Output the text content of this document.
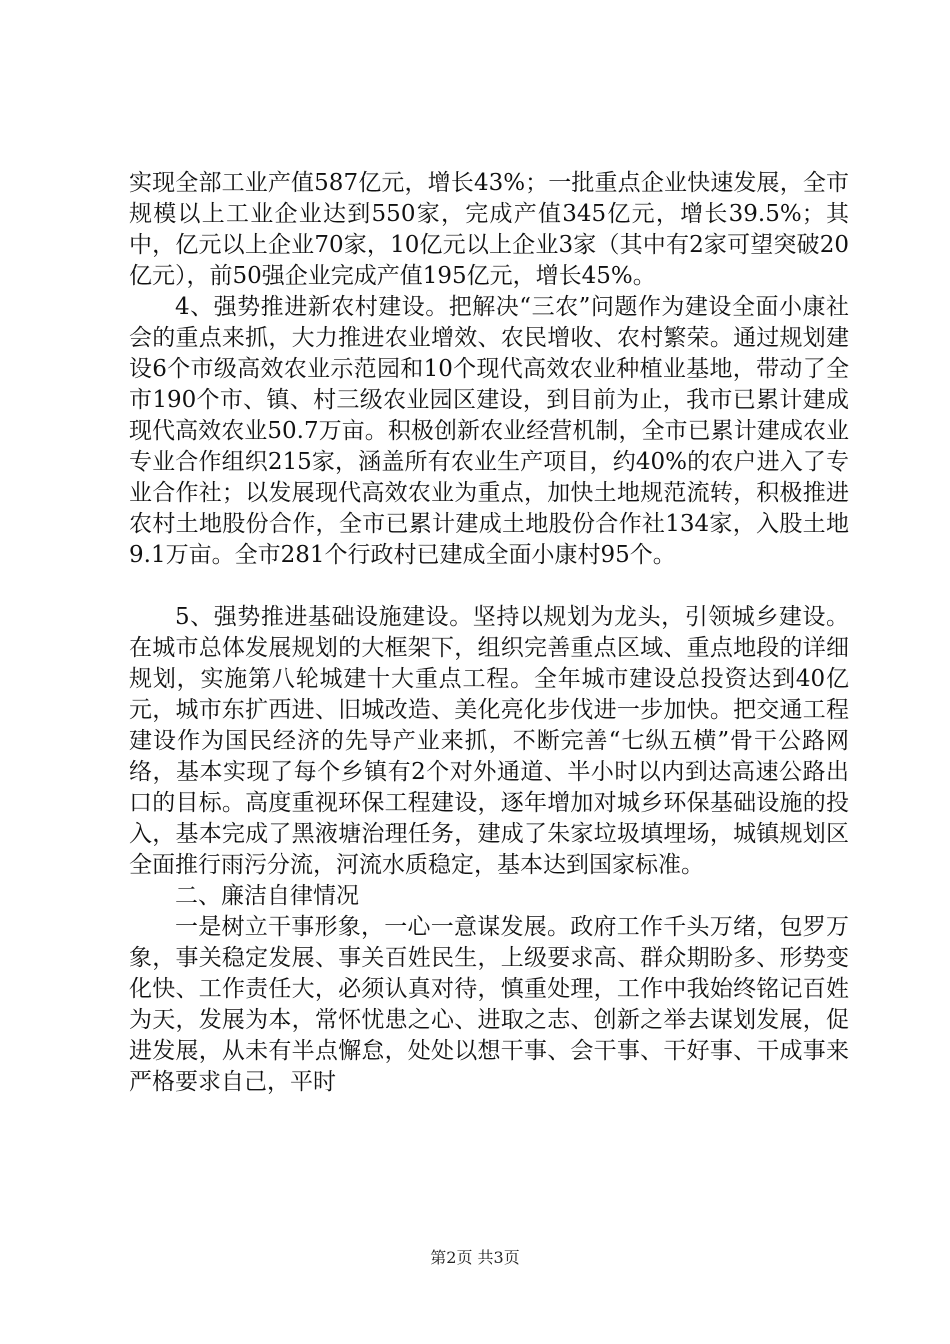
实现全部工业产值587亿元，增长43%；一批重点企业快速发展，全市规模以上工业企业达到550家，完成产值345亿元，增长39.5%；其中，亿元以上企业70家，10亿元以上企业3家（其中有2家可望突破20亿元），前50强企业完成产值195亿元，增长45%。

4、强势推进新农村建设。把解决“三农”问题作为建设全面小康社会的重点来抓，大力推进农业增效、农民增收、农村繁荣。通过规划建设6个市级高效农业示范园和10个现代高效农业种植业基地，带动了全市190个市、镇、村三级农业园区建设，到目前为止，我市已累计建成现代高效农业50.7万亩。积极创新农业经营机制，全市已累计建成农业专业合作组织215家，涵盖所有农业生产项目，约40%的农户进入了专业合作社；以发展现代高效农业为重点，加快土地规范流转，积极推进农村土地股份合作，全市已累计建成土地股份合作社134家，入股土地9.1万亩。全市281个行政村已建成全面小康村95个。

5、强势推进基础设施建设。坚持以规划为龙头，引领城乡建设。在城市总体发展规划的大框架下，组织完善重点区域、重点地段的详细规划，实施第八轮城建十大重点工程。全年城市建设总投资达到40亿元，城市东扩西进、旧城改造、美化亮化步伐进一步加快。把交通工程建设作为国民经济的先导产业来抓，不断完善“七纵五横”骨干公路网络，基本实现了每个乡镇有2个对外通道、半小时以内到达高速公路出口的目标。高度重视环保工程建设，逐年增加对城乡环保基础设施的投入，基本完成了黑液塘治理任务，建成了朱家垃圾填埋场，城镇规划区全面推行雨污分流，河流水质稳定，基本达到国家标准。

二、廉洁自律情况

一是树立干事形象，一心一意谋发展。政府工作千头万绪，包罗万象，事关稳定发展、事关百姓民生，上级要求高、群众期盼多、形势变化快、工作责任大，必须认真对待，慎重处理，工作中我始终铭记百姓为天，发展为本，常怀忧患之心、进取之志、创新之举去谋划发展，促进发展，从未有半点懈怠，处处以想干事、会干事、干好事、干成事来严格要求自己，平时

第2页 共3页
